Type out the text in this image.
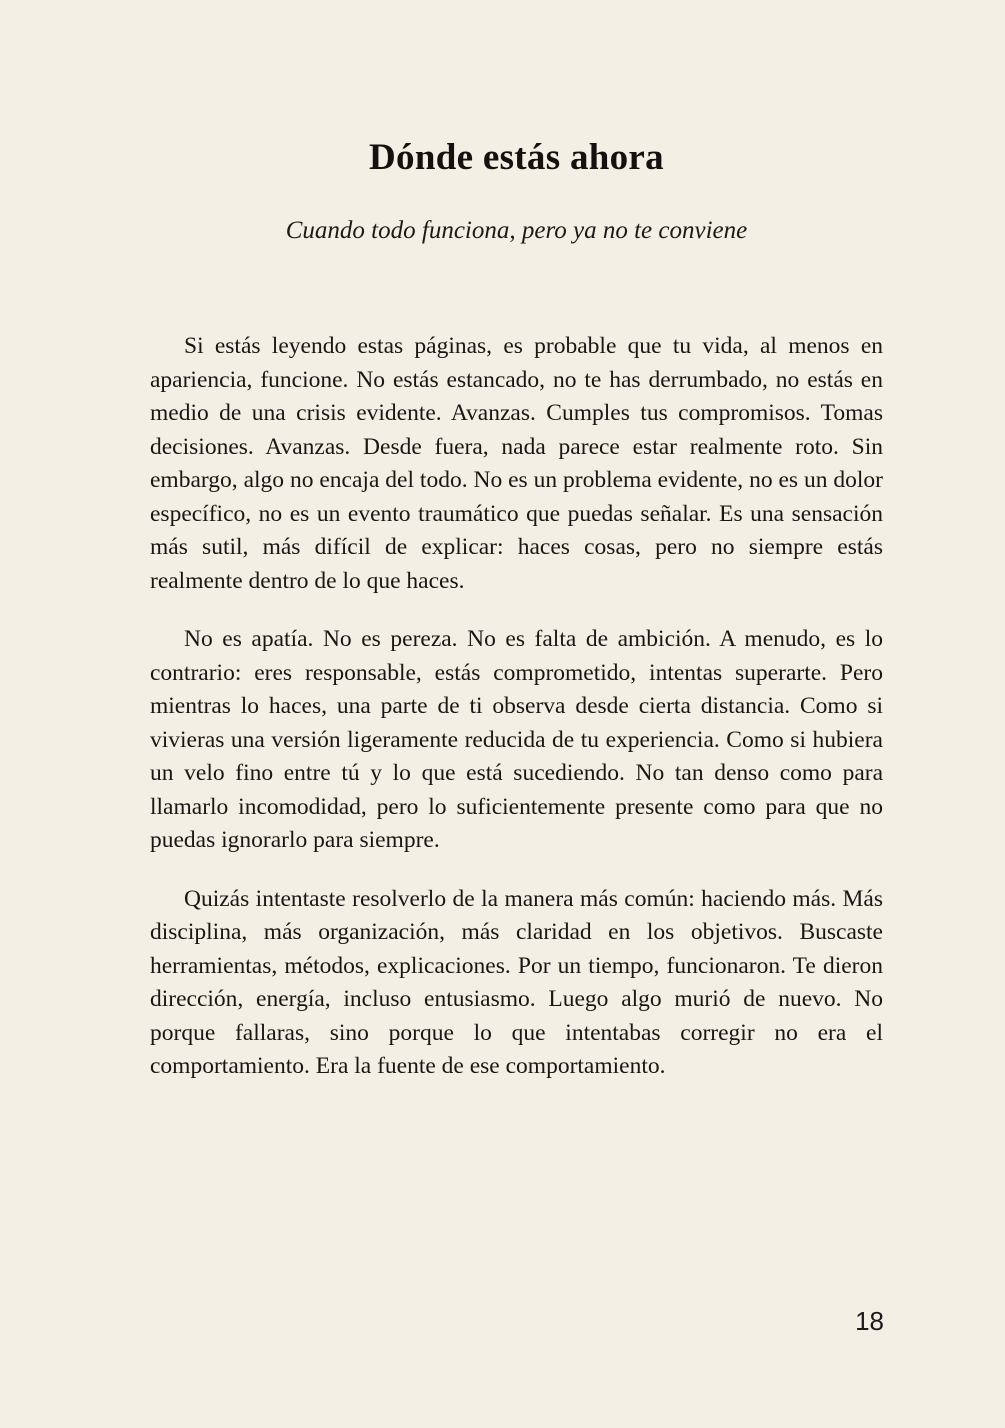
Dónde estás ahora
Cuando todo funciona, pero ya no te conviene

Si estás leyendo estas páginas, es probable que tu vida, al menos en apariencia, funcione. No estás estancado, no te has derrumbado, no estás en medio de una crisis evidente. Avanzas. Cumples tus compromisos. Tomas decisiones. Avanzas. Desde fuera, nada parece estar realmente roto. Sin embargo, algo no encaja del todo. No es un problema evidente, no es un dolor específico, no es un evento traumático que puedas señalar. Es una sensación más sutil, más difícil de explicar: haces cosas, pero no siempre estás realmente dentro de lo que haces.

No es apatía. No es pereza. No es falta de ambición. A menudo, es lo contrario: eres responsable, estás comprometido, intentas superarte. Pero mientras lo haces, una parte de ti observa desde cierta distancia. Como si vivieras una versión ligeramente reducida de tu experiencia. Como si hubiera un velo fino entre tú y lo que está sucediendo. No tan denso como para llamarlo incomodidad, pero lo suficientemente presente como para que no puedas ignorarlo para siempre.

Quizás intentaste resolverlo de la manera más común: haciendo más. Más disciplina, más organización, más claridad en los objetivos. Buscaste herramientas, métodos, explicaciones. Por un tiempo, funcionaron. Te dieron dirección, energía, incluso entusiasmo. Luego algo murió de nuevo. No porque fallaras, sino porque lo que intentabas corregir no era el comportamiento. Era la fuente de ese comportamiento.

18
